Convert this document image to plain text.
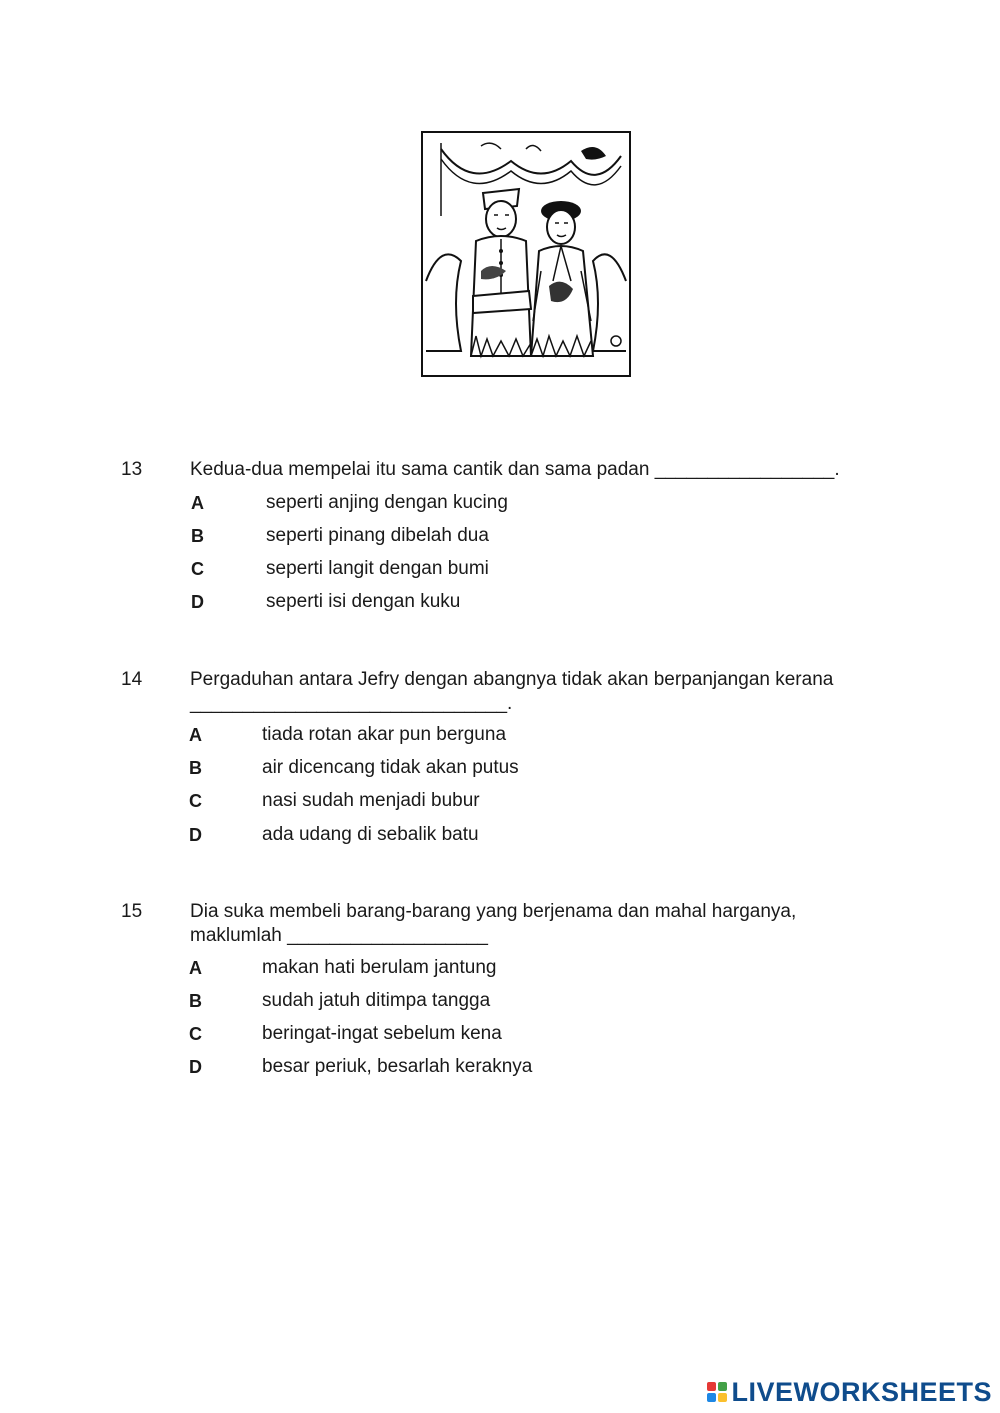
13	Kedua-dua mempelai itu sama cantik dan sama padan _________________.
A	seperti anjing dengan kucing
B	seperti pinang dibelah dua
C	seperti langit dengan bumi
D	seperti isi dengan kuku
14	Pergaduhan antara Jefry dengan abangnya tidak akan berpanjangan kerana
______________________________.
A	tiada rotan akar pun berguna
B	air dicencang tidak akan putus
C	nasi sudah menjadi bubur
D	ada udang di sebalik batu
15	Dia suka membeli barang-barang yang berjenama dan mahal harganya,
maklumlah ___________________
A	makan hati berulam jantung
B	sudah jatuh ditimpa tangga
C	beringat-ingat sebelum kena
D	besar periuk, besarlah keraknya
LIVEWORKSHEETS
